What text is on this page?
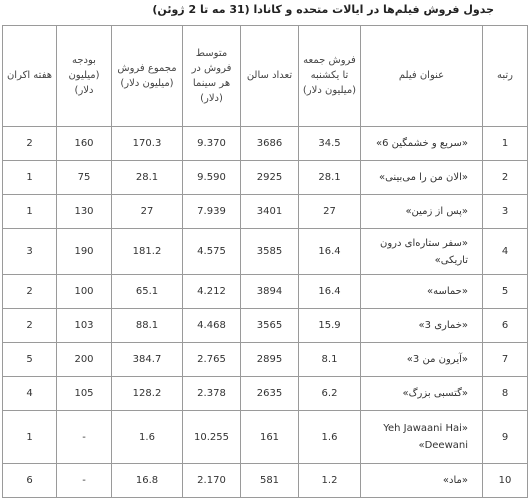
جدول فروش فیلم‌ها در ایالات متحده و کانادا (31 مه تا 2 ژوئن)
رتبه	عنوان فیلم	فروش جمعه تا یکشنبه (میلیون دلار)	تعداد سالن	متوسط فروش در هر سینما (دلار)	مجموع فروش (میلیون دلار)	بودجه (میلیون دلار)	هفته اکران
1	«سریع و خشمگین 6»	34.5	3686	9.370	170.3	160	2
2	«الان من را می‌بینی»	28.1	2925	9.590	28.1	75	1
3	«پس از زمین»	27	3401	7.939	27	130	1
4	«سفر ستاره‌ای درون تاریکی»	16.4	3585	4.575	181.2	190	3
5	«حماسه»	16.4	3894	4.212	65.1	100	2
6	«خماری 3»	15.9	3565	4.468	88.1	103	2
7	«آیرون من 3»	8.1	2895	2.765	384.7	200	5
8	«گتسبی بزرگ»	6.2	2635	2.378	128.2	105	4
9	«Yeh Jawaani Hai Deewani»	1.6	161	10.255	1.6	-	1
10	«ماد»	1.2	581	2.170	16.8	-	6
